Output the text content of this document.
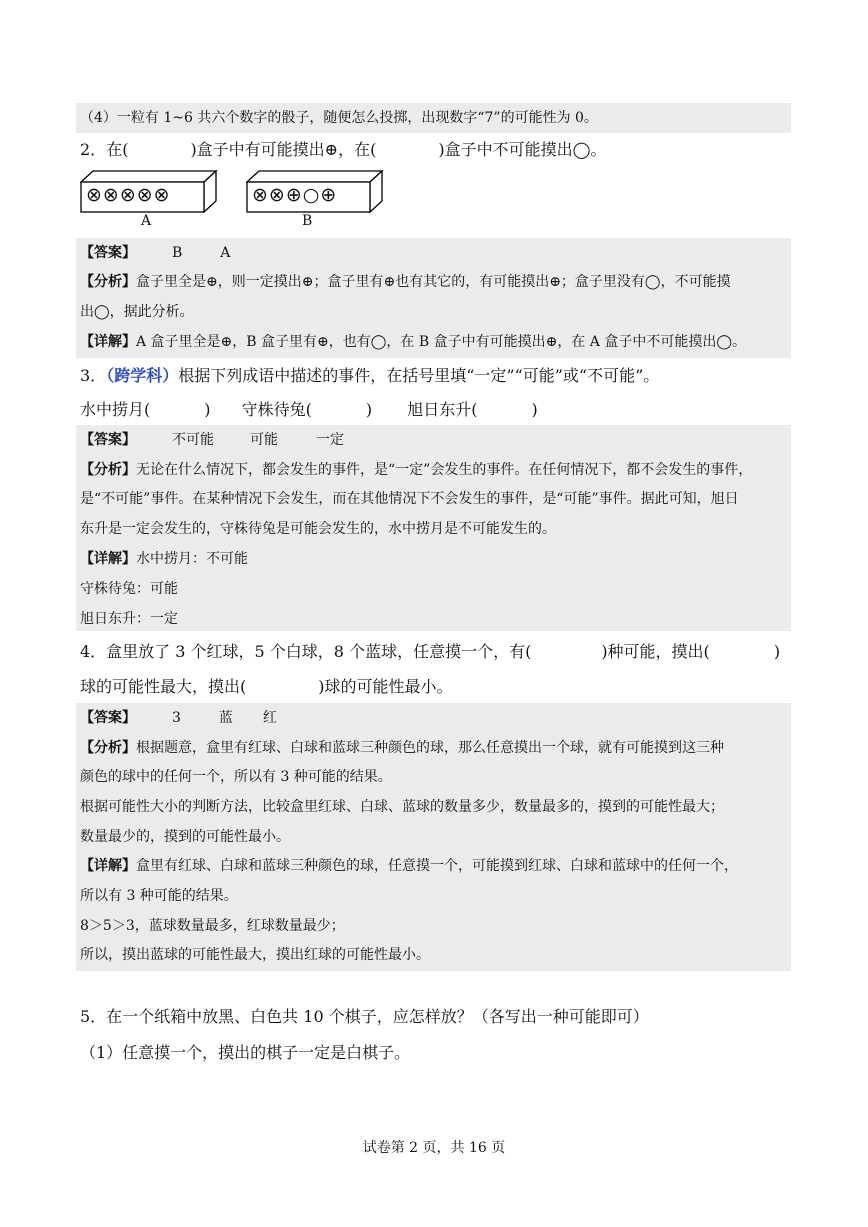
（4）一粒有 1~6 共六个数字的骰子，随便怎么投掷，出现数字“7”的可能性为 0。
2．在(	)盒子中有可能摸出⊕，在(	)盒子中不可能摸出◯。
⊗⊗⊗⊗⊗
A
⊗⊗⊕○⊕
B
【答案】	B	A
【分析】盒子里全是⊕，则一定摸出⊕；盒子里有⊕也有其它的，有可能摸出⊕；盒子里没有◯，不可能摸
出◯，据此分析。
【详解】A 盒子里全是⊕，B 盒子里有⊕，也有◯，在 B 盒子中有可能摸出⊕，在 A 盒子中不可能摸出◯。
3．（跨学科）根据下列成语中描述的事件，在括号里填“一定”“可能”或“不可能”。
水中捞月(	) 守株待兔(	) 旭日东升(	)
【答案】	不可能	可能	一定
【分析】无论在什么情况下，都会发生的事件，是“一定”会发生的事件。在任何情况下，都不会发生的事件，
是“不可能”事件。在某种情况下会发生，而在其他情况下不会发生的事件，是“可能”事件。据此可知，旭日
东升是一定会发生的，守株待兔是可能会发生的，水中捞月是不可能发生的。
【详解】水中捞月：不可能
守株待兔：可能
旭日东升：一定
4．盒里放了 3 个红球，5 个白球，8 个蓝球，任意摸一个，有(	)种可能，摸出(	)
球的可能性最大，摸出(	)球的可能性最小。
【答案】	3	蓝 红
【分析】根据题意，盒里有红球、白球和蓝球三种颜色的球，那么任意摸出一个球，就有可能摸到这三种
颜色的球中的任何一个，所以有 3 种可能的结果。
根据可能性大小的判断方法，比较盒里红球、白球、蓝球的数量多少，数量最多的，摸到的可能性最大；
数量最少的，摸到的可能性最小。
【详解】盒里有红球、白球和蓝球三种颜色的球，任意摸一个，可能摸到红球、白球和蓝球中的任何一个，
所以有 3 种可能的结果。
8＞5＞3，蓝球数量最多，红球数量最少；
所以，摸出蓝球的可能性最大，摸出红球的可能性最小。
5．在一个纸箱中放黑、白色共 10 个棋子，应怎样放？（各写出一种可能即可）
（1）任意摸一个，摸出的棋子一定是白棋子。
试卷第 2 页，共 16 页
